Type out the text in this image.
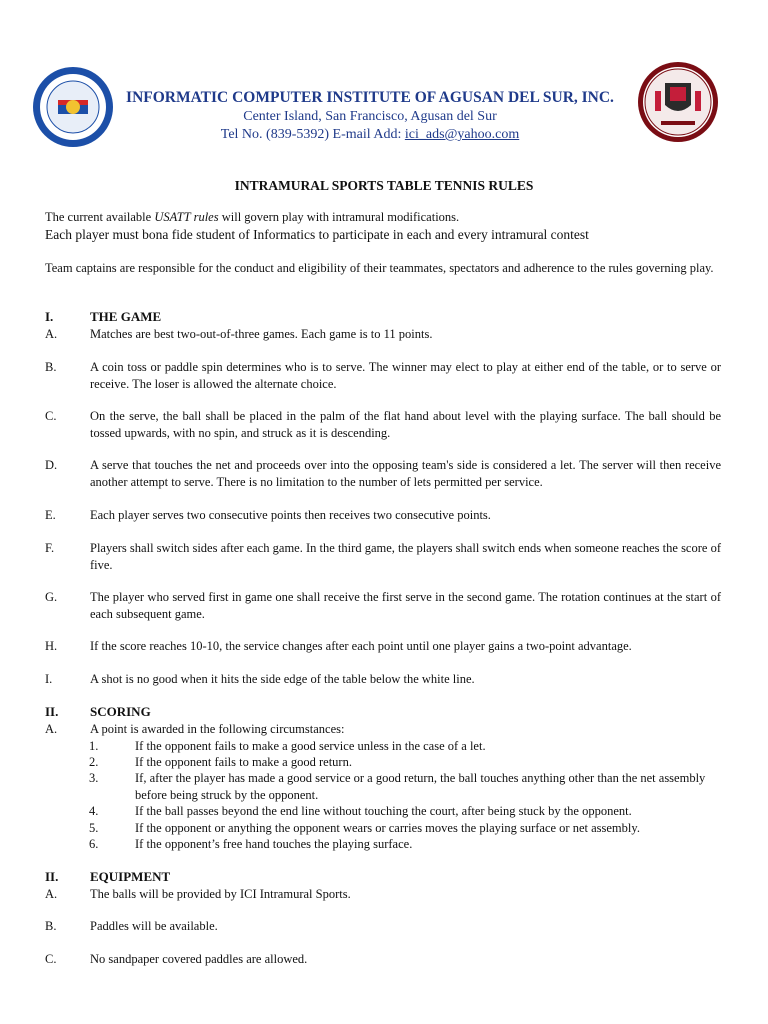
INFORMATIC COMPUTER INSTITUTE OF AGUSAN DEL SUR, INC.
Center Island, San Francisco, Agusan del Sur
Tel No. (839-5392) E-mail Add: ici_ads@yahoo.com
INTRAMURAL SPORTS TABLE TENNIS RULES
The current available USATT rules will govern play with intramural modifications.
Each player must bona fide student of Informatics to participate in each and every intramural contest
Team captains are responsible for the conduct and eligibility of their teammates, spectators and adherence to the rules governing play.
I.	THE GAME
A.	Matches are best two-out-of-three games. Each game is to 11 points.
B.	A coin toss or paddle spin determines who is to serve. The winner may elect to play at either end of the table, or to serve or receive. The loser is allowed the alternate choice.
C.	On the serve, the ball shall be placed in the palm of the flat hand about level with the playing surface. The ball should be tossed upwards, with no spin, and struck as it is descending.
D.	A serve that touches the net and proceeds over into the opposing team's side is considered a let. The server will then receive another attempt to serve. There is no limitation to the number of lets permitted per service.
E.	Each player serves two consecutive points then receives two consecutive points.
F.	Players shall switch sides after each game. In the third game, the players shall switch ends when someone reaches the score of five.
G.	The player who served first in game one shall receive the first serve in the second game. The rotation continues at the start of each subsequent game.
H.	If the score reaches 10-10, the service changes after each point until one player gains a two-point advantage.
I.	A shot is no good when it hits the side edge of the table below the white line.
II. SCORING
A.	A point is awarded in the following circumstances:
1.	If the opponent fails to make a good service unless in the case of a let.
2.	If the opponent fails to make a good return.
3.	If, after the player has made a good service or a good return, the ball touches anything other than the net assembly before being struck by the opponent.
4.	If the ball passes beyond the end line without touching the court, after being stuck by the opponent.
5.	If the opponent or anything the opponent wears or carries moves the playing surface or net assembly.
6.	If the opponent’s free hand touches the playing surface.
II. EQUIPMENT
A.	The balls will be provided by ICI Intramural Sports.
B.	Paddles will be available.
C.	No sandpaper covered paddles are allowed.
